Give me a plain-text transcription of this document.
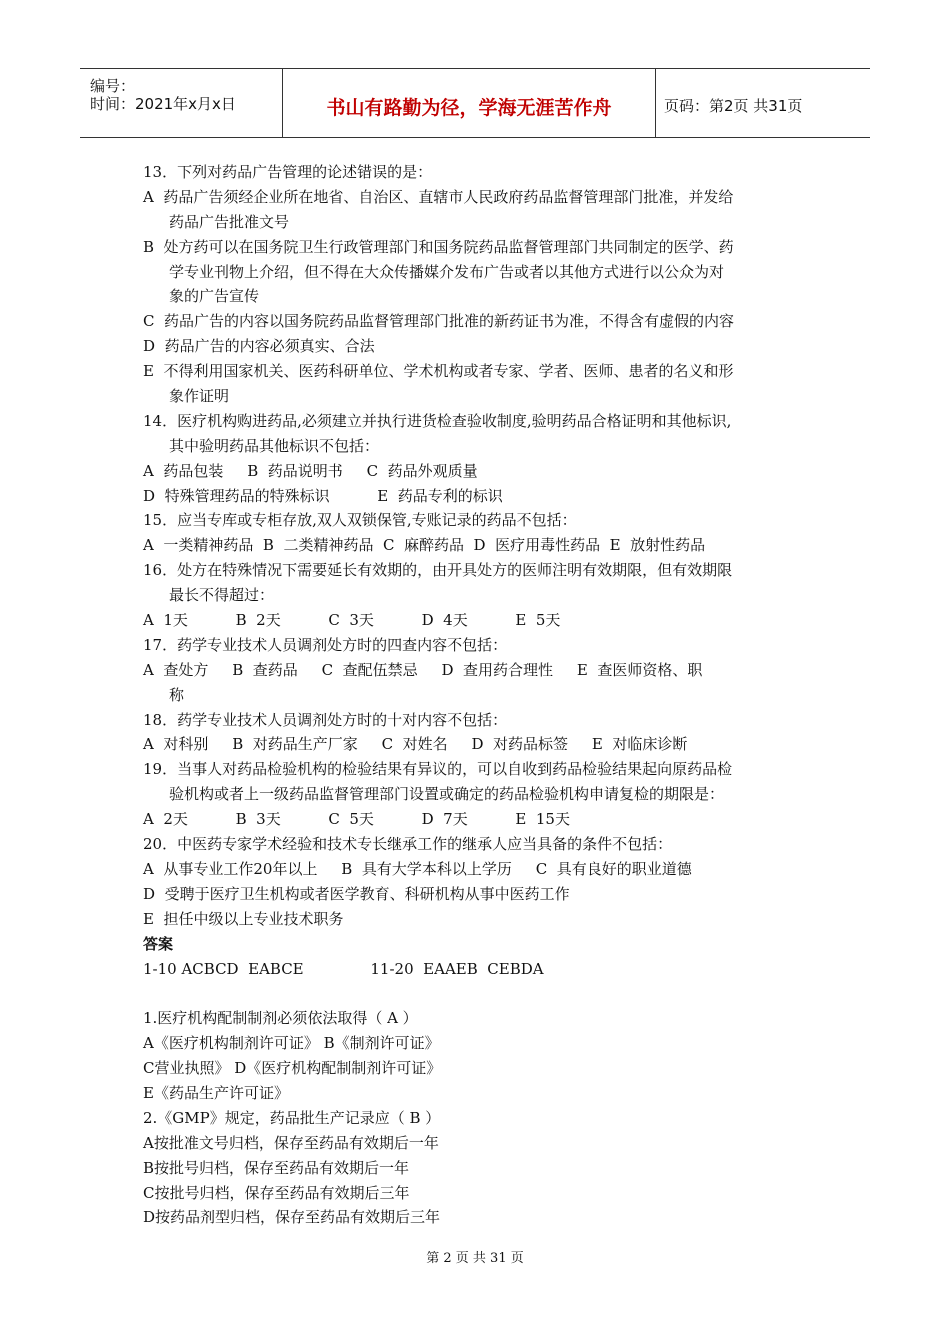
编号：
时间：2021年x月x日	书山有路勤为径，学海无涯苦作舟	页码：第2页 共31页
13．下列对药品广告管理的论述错误的是：
A  药品广告须经企业所在地省、自治区、直辖市人民政府药品监督管理部门批准，并发给
药品广告批准文号
B  处方药可以在国务院卫生行政管理部门和国务院药品监督管理部门共同制定的医学、药
学专业刊物上介绍，但不得在大众传播媒介发布广告或者以其他方式进行以公众为对
象的广告宣传
C  药品广告的内容以国务院药品监督管理部门批准的新药证书为准，不得含有虚假的内容
D  药品广告的内容必须真实、合法
E  不得利用国家机关、医药科研单位、学术机构或者专家、学者、医师、患者的名义和形
象作证明
14．医疗机构购进药品,必须建立并执行进货检查验收制度,验明药品合格证明和其他标识,
其中验明药品其他标识不包括：
A  药品包装     B  药品说明书     C  药品外观质量
D  特殊管理药品的特殊标识          E  药品专利的标识
15．应当专库或专柜存放,双人双锁保管,专账记录的药品不包括：
A  一类精神药品  B  二类精神药品  C  麻醉药品  D  医疗用毒性药品  E  放射性药品
16．处方在特殊情况下需要延长有效期的，由开具处方的医师注明有效期限，但有效期限
最长不得超过：
A  1天          B  2天          C  3天          D  4天          E  5天
17．药学专业技术人员调剂处方时的四查内容不包括：
A  查处方     B  查药品     C  查配伍禁忌     D  查用药合理性     E  查医师资格、职
称
18．药学专业技术人员调剂处方时的十对内容不包括：
A  对科别     B  对药品生产厂家     C  对姓名     D  对药品标签     E  对临床诊断
19．当事人对药品检验机构的检验结果有异议的，可以自收到药品检验结果起向原药品检
验机构或者上一级药品监督管理部门设置或确定的药品检验机构申请复检的期限是：
A  2天          B  3天          C  5天          D  7天          E  15天
20．中医药专家学术经验和技术专长继承工作的继承人应当具备的条件不包括：
A  从事专业工作20年以上     B  具有大学本科以上学历     C  具有良好的职业道德
D  受聘于医疗卫生机构或者医学教育、科研机构从事中医药工作
E  担任中级以上专业技术职务
答案
1-10 ACBCD  EABCE              11-20  EAAEB  CEBDA
1.医疗机构配制制剂必须依法取得（ A ）
A《医疗机构制剂许可证》 B《制剂许可证》
C营业执照》 D《医疗机构配制制剂许可证》
E《药品生产许可证》
2.《GMP》规定，药品批生产记录应（ B ）
A按批准文号归档，保存至药品有效期后一年
B按批号归档，保存至药品有效期后一年
C按批号归档，保存至药品有效期后三年
D按药品剂型归档，保存至药品有效期后三年
第 2 页 共 31 页
